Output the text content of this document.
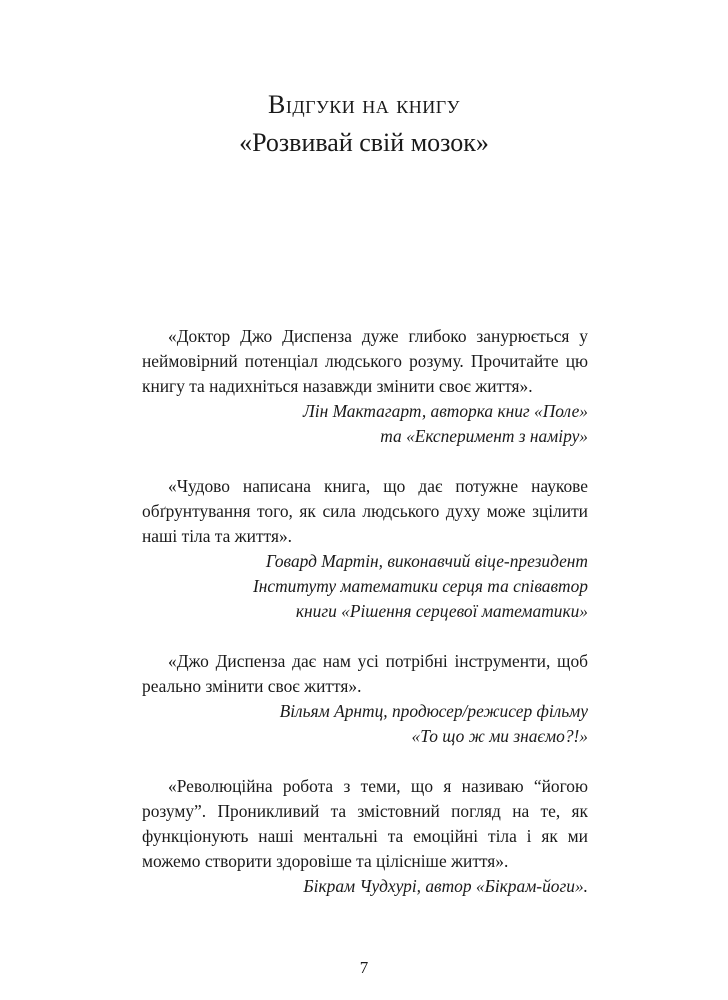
Відгуки на книгу
«Розвивай свій мозок»

«Доктор Джо Диспенза дуже глибоко занурюється у неймовірний потенціал людського розуму. Прочитайте цю книгу та надихніться назавжди змінити своє життя».

Лін Мактагарт, авторка книг «Поле»

та «Експеримент з наміру»

«Чудово написана книга, що дає потужне наукове обґрунтування того, як сила людського духу може зцілити наші тіла та життя».

Говард Мартін, виконавчий віце-президент

Інституту математики серця та співавтор

книги «Рішення серцевої математики»

«Джо Диспенза дає нам усі потрібні інструменти, щоб реально змінити своє життя».

Вільям Арнтц, продюсер/режисер фільму

«То що ж ми знаємо?!»

«Революційна робота з теми, що я називаю “йогою розуму”. Проникливий та змістовний погляд на те, як функціонують наші ментальні та емоційні тіла і як ми можемо створити здоровіше та цілісніше життя».

Бікрам Чудхурі, автор «Бікрам-йоги».

7
